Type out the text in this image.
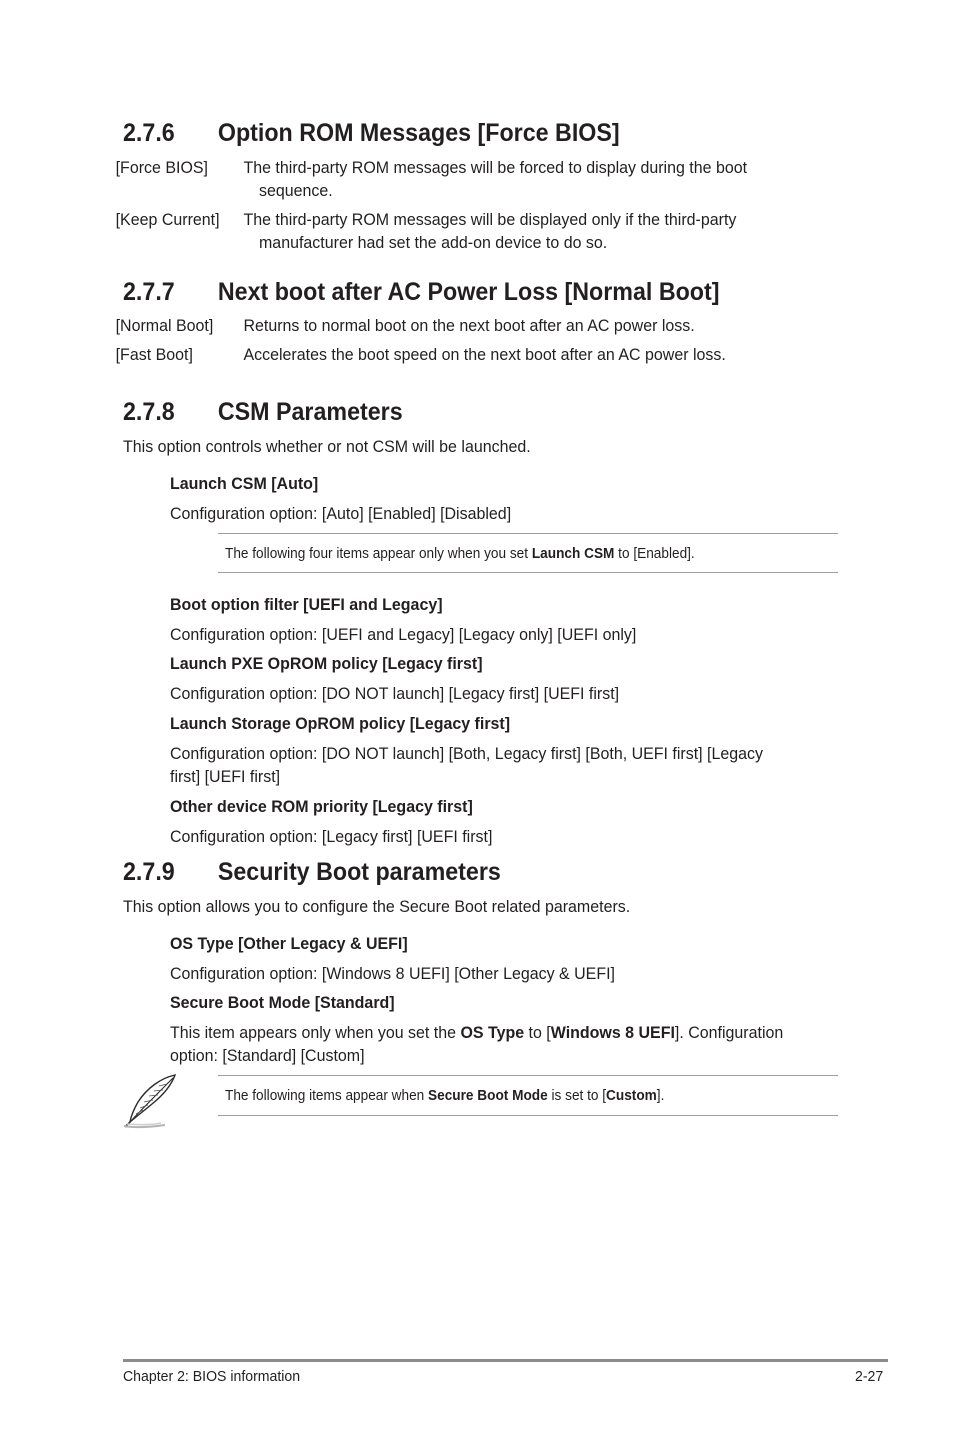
2.7.6 Option ROM Messages [Force BIOS]
[Force BIOS] The third-party ROM messages will be forced to display during the boot
sequence.
[Keep Current] The third-party ROM messages will be displayed only if the third-party
manufacturer had set the add-on device to do so.
2.7.7 Next boot after AC Power Loss [Normal Boot]
[Normal Boot] Returns to normal boot on the next boot after an AC power loss.
[Fast Boot]	Accelerates the boot speed on the next boot after an AC power loss.
2.7.8 CSM Parameters
This option controls whether or not CSM will be launched.
Launch CSM [Auto]
Configuration option: [Auto] [Enabled] [Disabled]
The following four items appear only when you set Launch CSM to [Enabled].
Boot option filter [UEFI and Legacy]
Configuration option: [UEFI and Legacy] [Legacy only] [UEFI only]
Launch PXE OpROM policy [Legacy first]
Configuration option: [DO NOT launch] [Legacy first] [UEFI first]
Launch Storage OpROM policy [Legacy first]
Configuration option: [DO NOT launch] [Both, Legacy first] [Both, UEFI first] [Legacy
first] [UEFI first]
Other device ROM priority [Legacy first]
Configuration option: [Legacy first] [UEFI first]
2.7.9 Security Boot parameters
This option allows you to configure the Secure Boot related parameters.
OS Type [Other Legacy & UEFI]
Configuration option: [Windows 8 UEFI] [Other Legacy & UEFI]
Secure Boot Mode [Standard]
This item appears only when you set the OS Type to [Windows 8 UEFI]. Configuration
option: [Standard] [Custom]
The following items appear when Secure Boot Mode is set to [Custom].
Chapter 2: BIOS information	2-27
